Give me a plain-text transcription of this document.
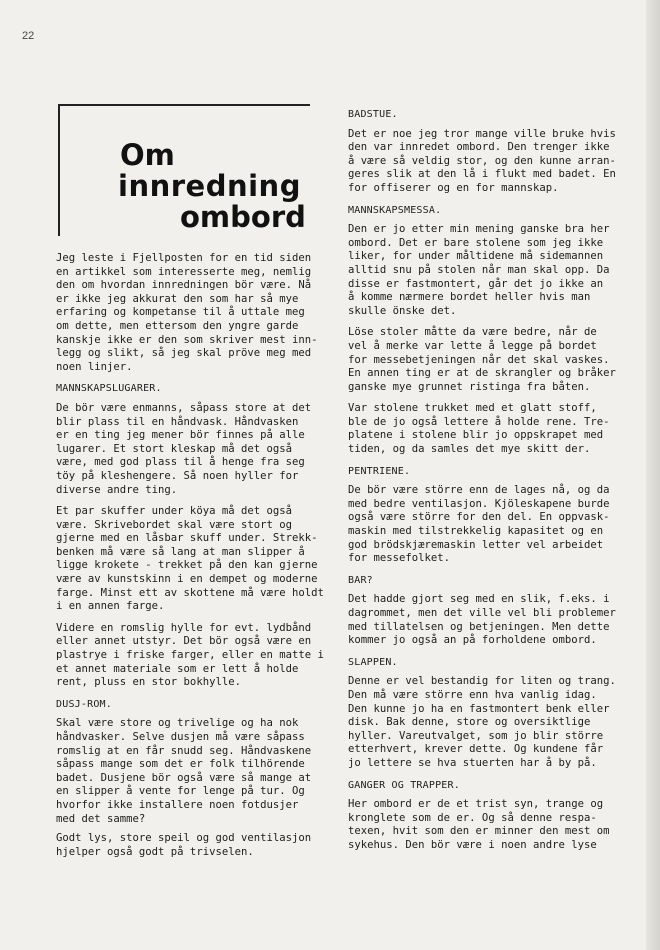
22
Om
innredning
ombord

Jeg leste i Fjellposten for en tid siden
en artikkel som interesserte meg, nemlig
den om hvordan innredningen bör være. Nå
er ikke jeg akkurat den som har så mye
erfaring og kompetanse til å uttale meg
om dette, men ettersom den yngre garde
kanskje ikke er den som skriver mest inn-
legg og slikt, så jeg skal pröve meg med
noen linjer.

MANNSKAPSLUGARER.

De bör være enmanns, såpass store at det
blir plass til en håndvask. Håndvasken
er en ting jeg mener bör finnes på alle
lugarer. Et stort kleskap må det også
være, med god plass til å henge fra seg
töy på kleshengere. Så noen hyller for
diverse andre ting.

Et par skuffer under köya må det også
være. Skrivebordet skal være stort og
gjerne med en låsbar skuff under. Strekk-
benken må være så lang at man slipper å
ligge krokete - trekket på den kan gjerne
være av kunstskinn i en dempet og moderne
farge. Minst ett av skottene må være holdt
i en annen farge.

Videre en romslig hylle for evt. lydbånd
eller annet utstyr. Det bör også være en
plastrye i friske farger, eller en matte i
et annet materiale som er lett å holde
rent, pluss en stor bokhylle.

DUSJ-ROM.

Skal være store og trivelige og ha nok
håndvasker. Selve dusjen må være såpass
romslig at en får snudd seg. Håndvaskene
såpass mange som det er folk tilhörende
badet. Dusjene bör også være så mange at
en slipper å vente for lenge på tur. Og
hvorfor ikke installere noen fotdusjer
med det samme?

Godt lys, store speil og god ventilasjon
hjelper også godt på trivselen.

BADSTUE.

Det er noe jeg tror mange ville bruke hvis
den var innredet ombord. Den trenger ikke
å være så veldig stor, og den kunne arran-
geres slik at den lå i flukt med badet. En
for offiserer og en for mannskap.

MANNSKAPSMESSA.

Den er jo etter min mening ganske bra her
ombord. Det er bare stolene som jeg ikke
liker, for under måltidene må sidemannen
alltid snu på stolen når man skal opp. Da
disse er fastmontert, går det jo ikke an
å komme nærmere bordet heller hvis man
skulle önske det.

Löse stoler måtte da være bedre, når de
vel å merke var lette å legge på bordet
for messebetjeningen når det skal vaskes.
En annen ting er at de skrangler og bråker
ganske mye grunnet ristinga fra båten.

Var stolene trukket med et glatt stoff,
ble de jo også lettere å holde rene. Tre-
platene i stolene blir jo oppskrapet med
tiden, og da samles det mye skitt der.

PENTRIENE.

De bör være större enn de lages nå, og da
med bedre ventilasjon. Kjöleskapene burde
også være större for den del. En oppvask-
maskin med tilstrekkelig kapasitet og en
god brödskjæremaskin letter vel arbeidet
for messefolket.

BAR?

Det hadde gjort seg med en slik, f.eks. i
dagrommet, men det ville vel bli problemer
med tillatelsen og betjeningen. Men dette
kommer jo også an på forholdene ombord.

SLAPPEN.

Denne er vel bestandig for liten og trang.
Den må være större enn hva vanlig idag.
Den kunne jo ha en fastmontert benk eller
disk. Bak denne, store og oversiktlige
hyller. Vareutvalget, som jo blir större
etterhvert, krever dette. Og kundene får
jo lettere se hva stuerten har å by på.

GANGER OG TRAPPER.

Her ombord er de et trist syn, trange og
kronglete som de er. Og så denne respa-
texen, hvit som den er minner den mest om
sykehus. Den bör være i noen andre lyse
